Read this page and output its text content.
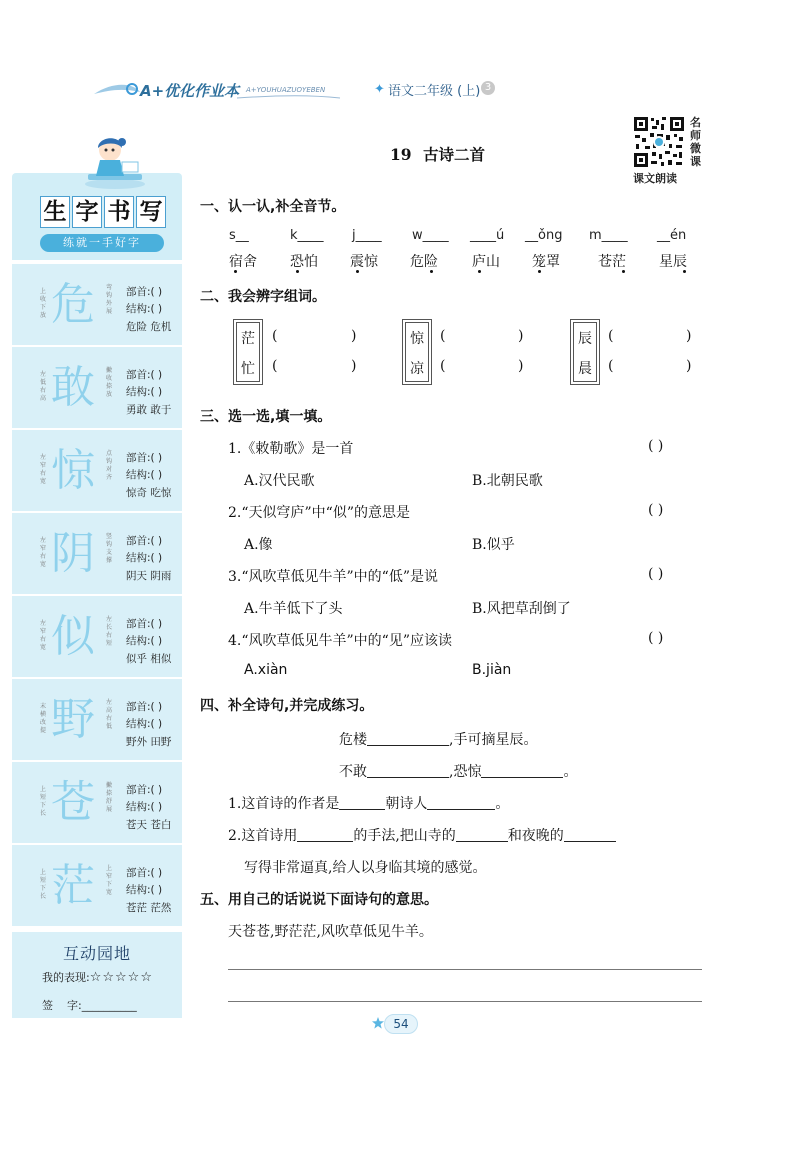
A+优化作业本 A+YOUHUAZUOYEBEN	✦ 语文二年级 (上) 3
名
师
微
课
课文朗读
生 字 书 写
练就一手好字
上收下放 危	弯钩外展
部首:( )
结构:( )
危险 危机
左低右高 敢	撇收捺放
部首:( )
结构:( )
勇敢 敢于
左窄右宽 惊	点钩对齐
部首:( )
结构:( )
惊奇 吃惊
左窄右宽 阴	竖钩支撑
部首:( )
结构:( )
阴天 阴雨
左窄右宽 似	左长右短
部首:( )
结构:( )
似乎 相似
末横改提 野	左高右低
部首:( )
结构:( )
野外 田野
上短下长 苍	撇捺舒展
部首:( )
结构:( )
苍天 苍白
上短下长 茫	上窄下宽
部首:( )
结构:( )
苍茫 茫然
互动园地
我的表现:☆☆☆☆☆
签    字:__________
19 古诗二首
一、认一认,补全音节。
s__	k____ j____ w____ ____ú __ǒng m____ __én
宿舍 恐怕 震惊 危险 庐山 笼罩	苍茫 星辰
二、我会辨字组词。
茫
忙
(	)
(	)
惊
凉
(	)
(	)
辰
晨
(	)
(	)
三、选一选,填一填。
1.《敕勒歌》是一首	( )
A.汉代民歌	B.北朝民歌
2.“天似穹庐”中“似”的意思是	( )
A.像	B.似乎
3.“风吹草低见牛羊”中的“低”是说	( )
A.牛羊低下了头	B.风把草刮倒了
4.“风吹草低见牛羊”中的“见”应该读	( )
A.xiàn	B.jiàn
四、补全诗句,并完成练习。
危楼	,手可摘星辰。
不敢	,恐惊	。
1.这首诗的作者是	朝诗人	。
2.这首诗用	的手法,把山寺的	和夜晚的
写得非常逼真,给人以身临其境的感觉。
五、用自己的话说说下面诗句的意思。
天苍苍,野茫茫,风吹草低见牛羊。
54
